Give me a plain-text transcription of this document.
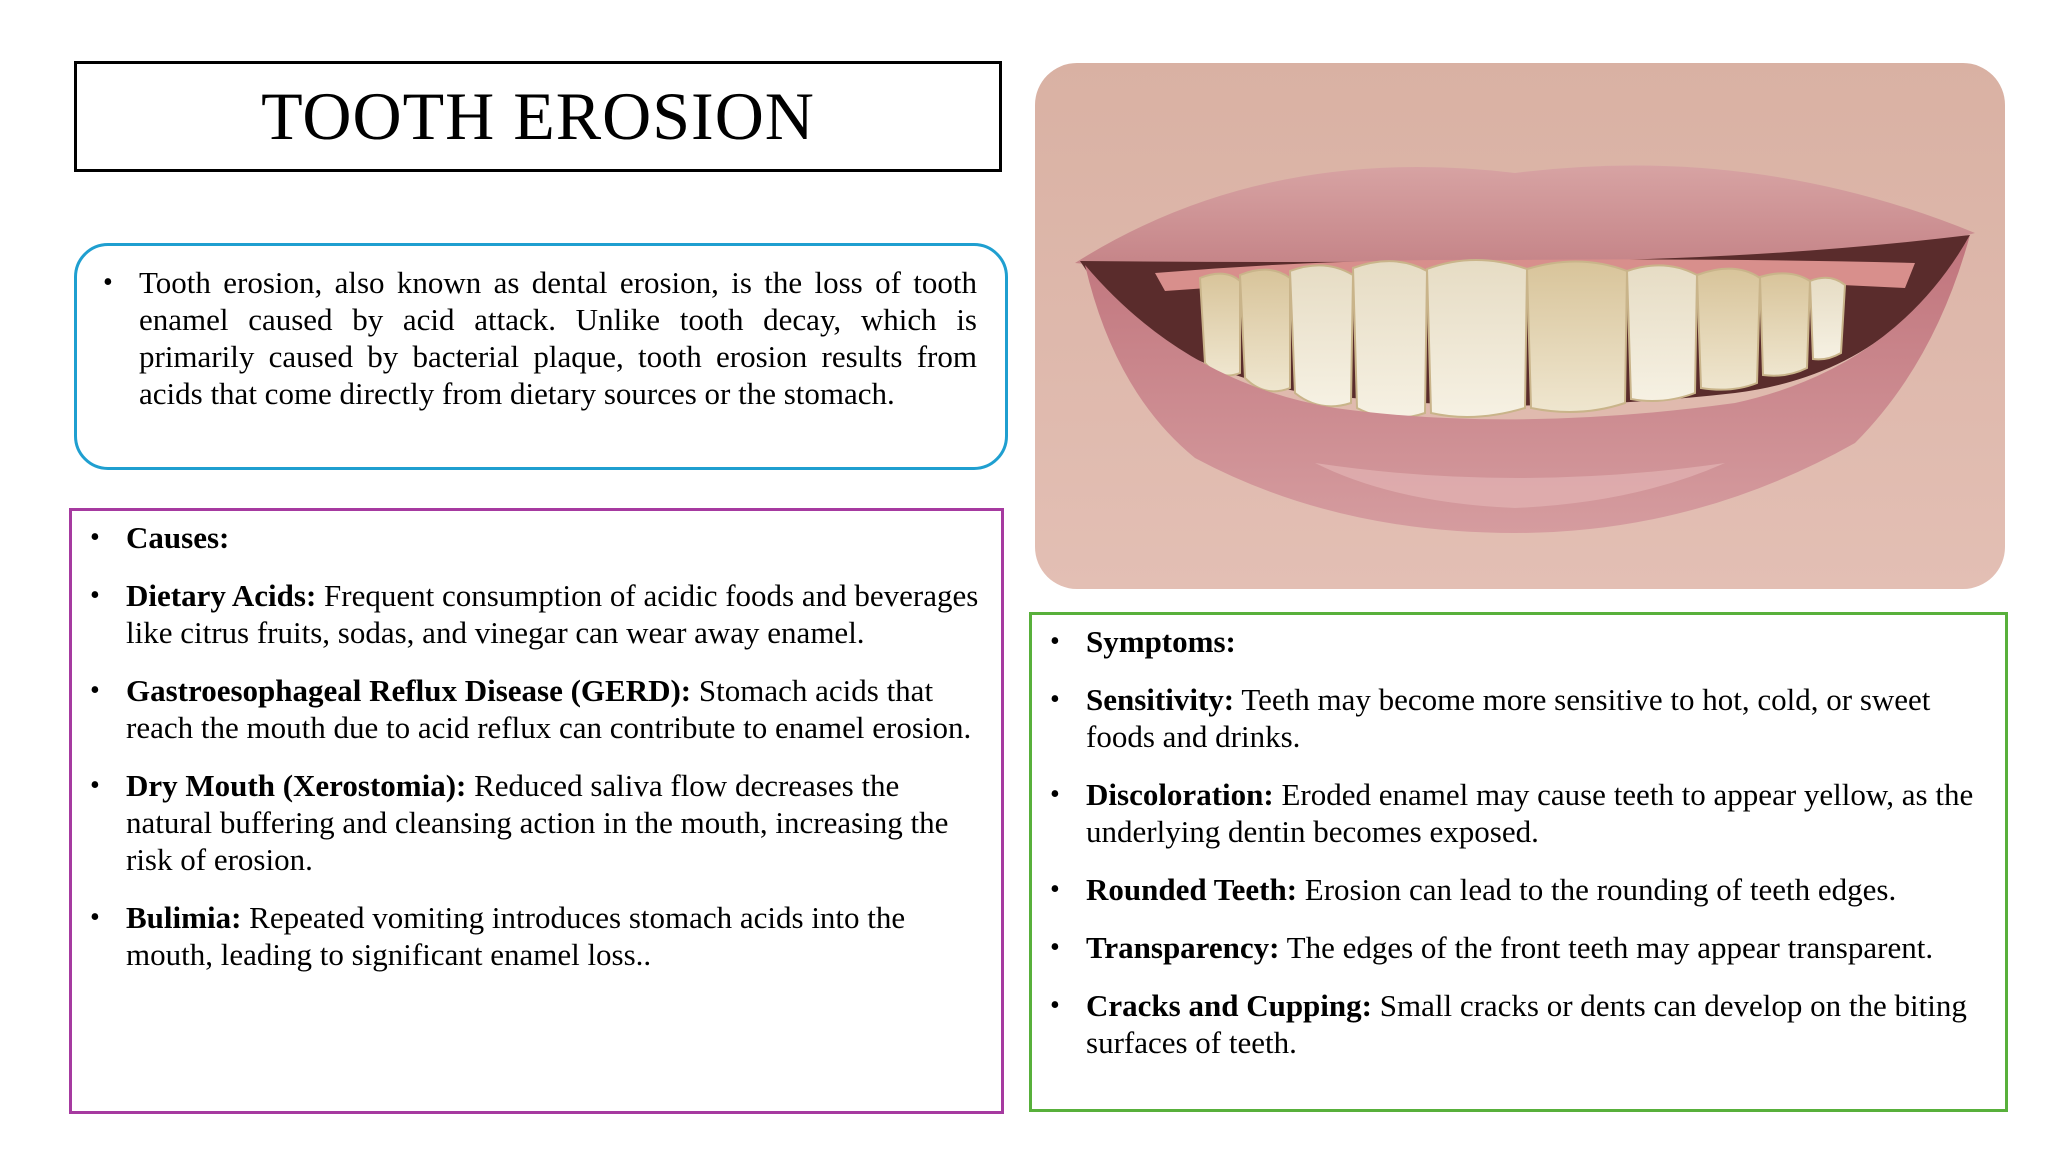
TOOTH EROSION
• Tooth erosion, also known as dental erosion, is the loss of tooth enamel caused by acid attack. Unlike tooth decay, which is primarily caused by bacterial plaque, tooth erosion results from acids that come directly from dietary sources or the stomach.
• Causes:
• Dietary Acids: Frequent consumption of acidic foods and beverages like citrus fruits, sodas, and vinegar can wear away enamel.
• Gastroesophageal Reflux Disease (GERD): Stomach acids that reach the mouth due to acid reflux can contribute to enamel erosion.
• Dry Mouth (Xerostomia): Reduced saliva flow decreases the natural buffering and cleansing action in the mouth, increasing the risk of erosion.
• Bulimia: Repeated vomiting introduces stomach acids into the mouth, leading to significant enamel loss..
• Symptoms:
• Sensitivity: Teeth may become more sensitive to hot, cold, or sweet foods and drinks.
• Discoloration: Eroded enamel may cause teeth to appear yellow, as the underlying dentin becomes exposed.
• Rounded Teeth: Erosion can lead to the rounding of teeth edges.
• Transparency: The edges of the front teeth may appear transparent.
• Cracks and Cupping: Small cracks or dents can develop on the biting surfaces of teeth.
